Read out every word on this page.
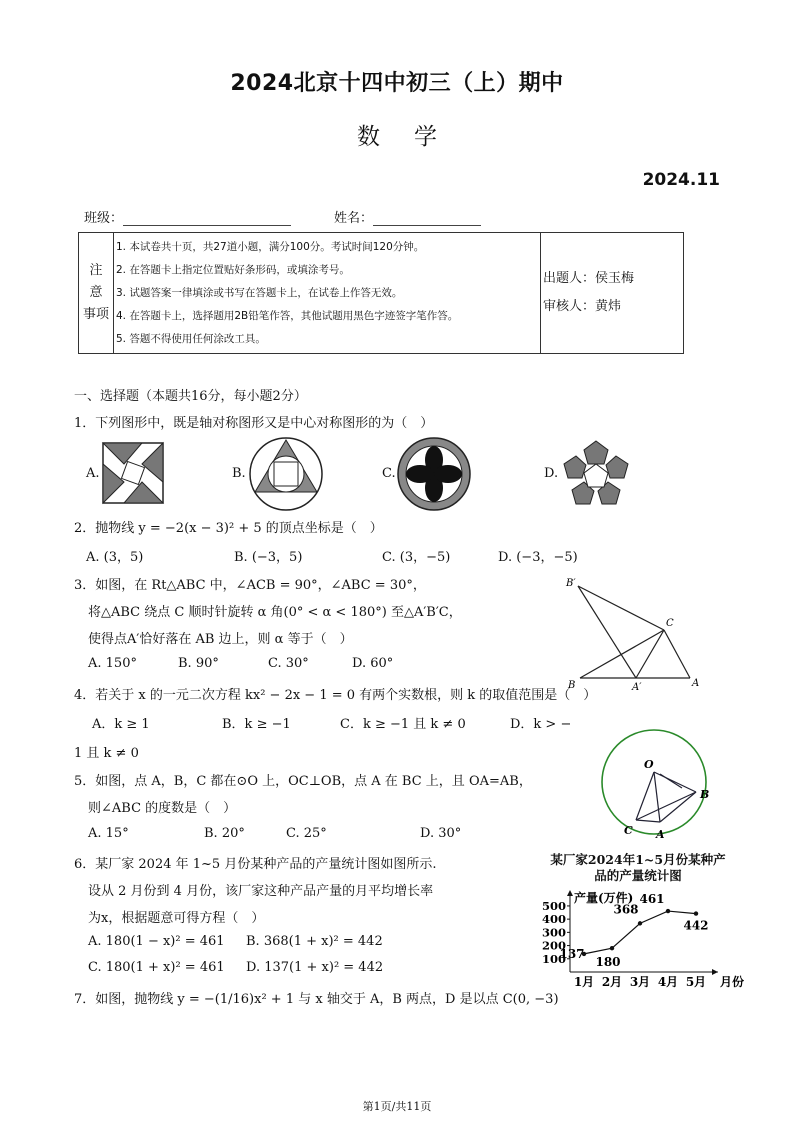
2024北京十四中初三（上）期中
数学
2024.11
班级：	姓名：
注　意
事项

1. 本试卷共十页，共27道小题，满分100分。考试时间120分钟。
2. 在答题卡上指定位置贴好条形码，或填涂考号。
3. 试题答案一律填涂或书写在答题卡上，在试卷上作答无效。
4. 在答题卡上，选择题用2B铅笔作答，其他试题用黑色字迹签字笔作答。
5. 答题不得使用任何涂改工具。

出题人：侯玉梅
审核人：黄炜
一、选择题（本题共16分，每小题2分）
1．下列图形中，既是轴对称图形又是中心对称图形的为（　）
A.	B.	C.	D.
2．抛物线 y = −2(x − 3)² + 5 的顶点坐标是（　）
A. (3，5)	B. (−3，5)	C. (3，−5)	D. (−3，−5)
3．如图，在 Rt△ABC 中，∠ACB = 90°，∠ABC = 30°，
将△ABC 绕点 C 顺时针旋转 α 角(0° < α < 180°) 至△A′B′C，
使得点A′恰好落在 AB 边上，则 α 等于（　）
A. 150°	B. 90°	C. 30°	D. 60°
B′
C
B	A′	A
4．若关于 x 的一元二次方程 kx² − 2x − 1 = 0 有两个实数根，则 k 的取值范围是（　）
A．k ≥ 1	B．k ≥ −1	C．k ≥ −1 且 k ≠ 0	D．k > −
1 且 k ≠ 0
5．如图，点 A，B，C 都在⊙O 上，OC⊥OB，点 A 在 BC 上，且 OA=AB，
则∠ABC 的度数是（　）
A. 15°	B. 20°	C. 25°	D. 30°
O
B
C A
6．某厂家 2024 年 1~5 月份某种产品的产量统计图如图所示.
设从 2 月份到 4 月份，该厂家这种产品产量的月平均增长率
为x，根据题意可得方程（　）
A. 180(1 − x)² = 461 B. 368(1 + x)² = 442
C. 180(1 + x)² = 461 D. 137(1 + x)² = 442
某厂家2024年1~5月份某种产品的产量统计图
产量(万件)
月份
100
200
300
400
500
1月 2月 3月 4月 5月
137
180
368
461
442
7．如图，抛物线 y = −(1/16)x² + 1 与 x 轴交于 A，B 两点，D 是以点 C(0, −3)
第1页/共11页
